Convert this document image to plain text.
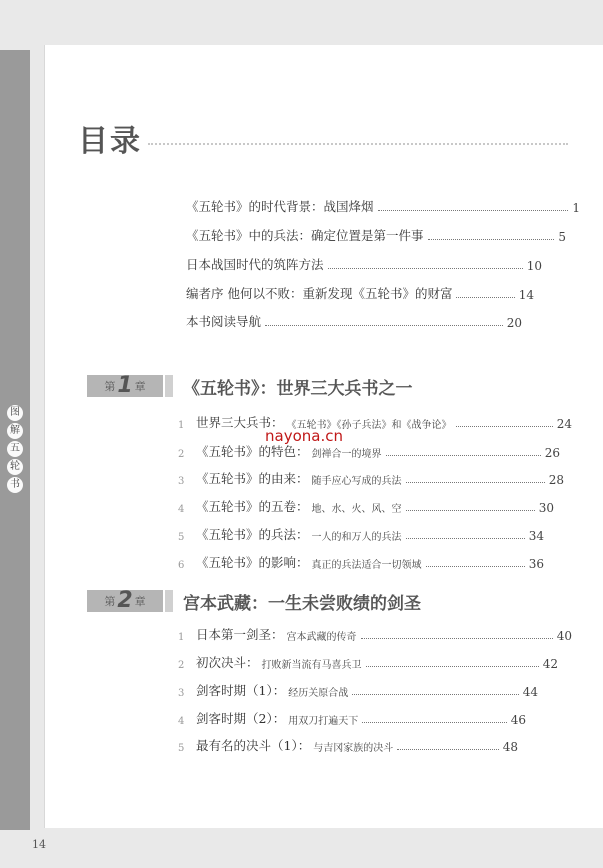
图
解
五
轮
书
目录
《五轮书》的时代背景：战国烽烟	1
《五轮书》中的兵法：确定位置是第一件事	5
日本战国时代的筑阵方法	10
编者序 他何以不败：重新发现《五轮书》的财富	14
本书阅读导航	20
第 1 章 《五轮书》：世界三大兵书之一
1 世界三大兵书： 《五轮书》《孙子兵法》和《战争论》	24
2 《五轮书》的特色： 剑禅合一的境界	26
3 《五轮书》的由来： 随手应心写成的兵法	28
4 《五轮书》的五卷： 地、水、火、风、空	30
5 《五轮书》的兵法： 一人的和万人的兵法	34
6 《五轮书》的影响： 真正的兵法适合一切领域	36
第 2 章 宫本武藏：一生未尝败绩的剑圣
1 日本第一剑圣： 宫本武藏的传奇	40
2 初次决斗： 打败新当流有马喜兵卫	42
3 剑客时期（1）： 经历关原合战	44
4 剑客时期（2）： 用双刀打遍天下	46
5 最有名的决斗（1）： 与吉冈家族的决斗	48
nayona.cn
14
